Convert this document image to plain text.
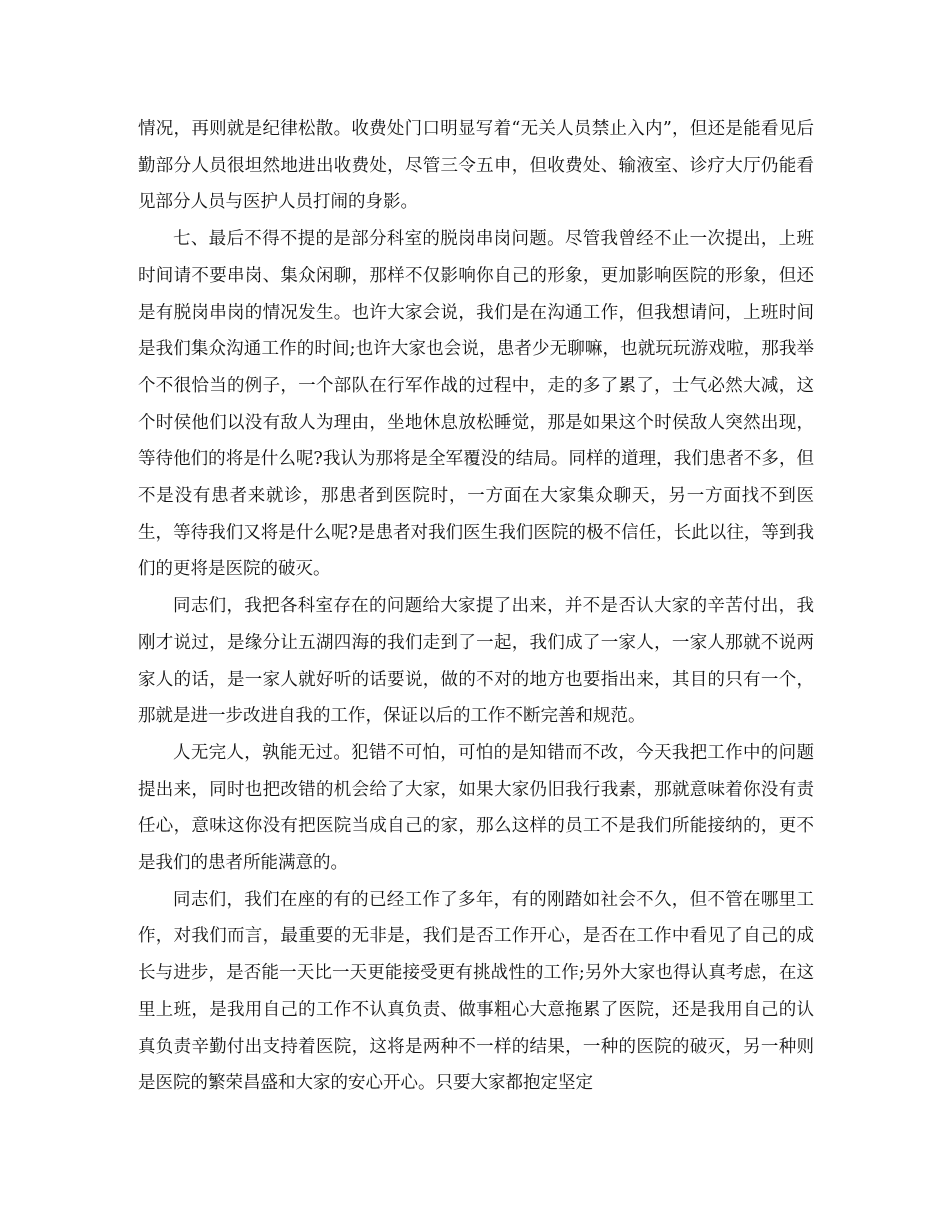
情况，再则就是纪律松散。收费处门口明显写着“无关人员禁止入内”，但还是能看见后勤部分人员很坦然地进出收费处，尽管三令五申，但收费处、输液室、诊疗大厅仍能看见部分人员与医护人员打闹的身影。

七、最后不得不提的是部分科室的脱岗串岗问题。尽管我曾经不止一次提出，上班时间请不要串岗、集众闲聊，那样不仅影响你自己的形象，更加影响医院的形象，但还是有脱岗串岗的情况发生。也许大家会说，我们是在沟通工作，但我想请问，上班时间是我们集众沟通工作的时间;也许大家也会说，患者少无聊嘛，也就玩玩游戏啦，那我举个不很恰当的例子，一个部队在行军作战的过程中，走的多了累了，士气必然大减，这个时侯他们以没有敌人为理由，坐地休息放松睡觉，那是如果这个时侯敌人突然出现，等待他们的将是什么呢?我认为那将是全军覆没的结局。同样的道理，我们患者不多，但不是没有患者来就诊，那患者到医院时，一方面在大家集众聊天，另一方面找不到医生，等待我们又将是什么呢?是患者对我们医生我们医院的极不信任，长此以往，等到我们的更将是医院的破灭。

同志们，我把各科室存在的问题给大家提了出来，并不是否认大家的辛苦付出，我刚才说过，是缘分让五湖四海的我们走到了一起，我们成了一家人，一家人那就不说两家人的话，是一家人就好听的话要说，做的不对的地方也要指出来，其目的只有一个，那就是进一步改进自我的工作，保证以后的工作不断完善和规范。

人无完人，孰能无过。犯错不可怕，可怕的是知错而不改，今天我把工作中的问题提出来，同时也把改错的机会给了大家，如果大家仍旧我行我素，那就意味着你没有责任心，意味这你没有把医院当成自己的家，那么这样的员工不是我们所能接纳的，更不是我们的患者所能满意的。

同志们，我们在座的有的已经工作了多年，有的刚踏如社会不久，但不管在哪里工作，对我们而言，最重要的无非是，我们是否工作开心，是否在工作中看见了自己的成长与进步，是否能一天比一天更能接受更有挑战性的工作;另外大家也得认真考虑，在这里上班，是我用自己的工作不认真负责、做事粗心大意拖累了医院，还是我用自己的认真负责辛勤付出支持着医院，这将是两种不一样的结果，一种的医院的破灭，另一种则是医院的繁荣昌盛和大家的安心开心。只要大家都抱定坚定
